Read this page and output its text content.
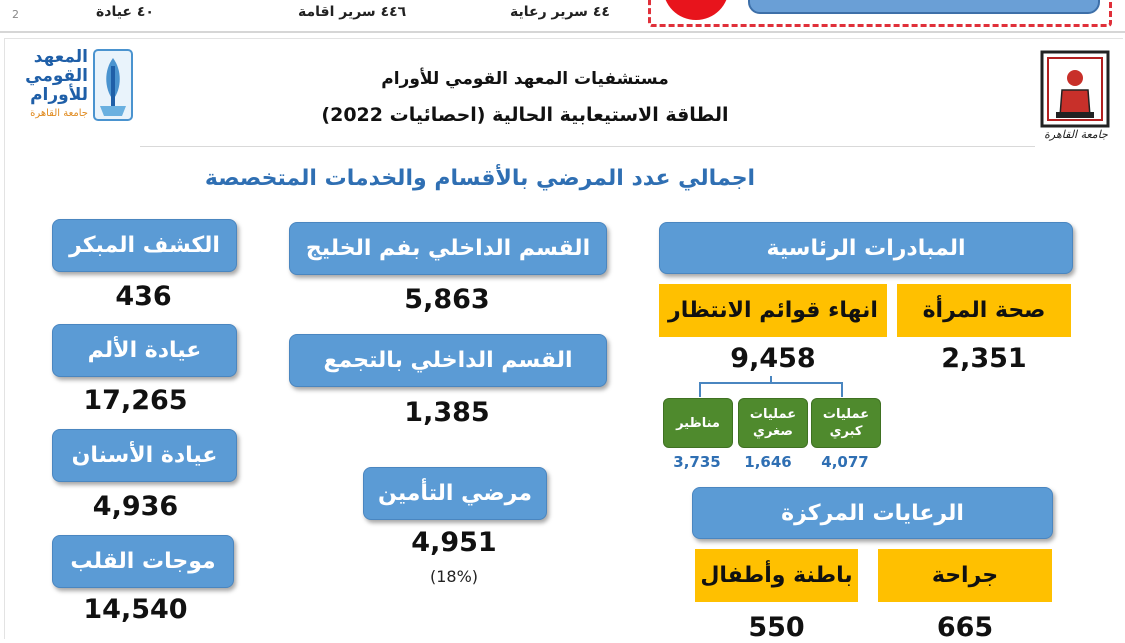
٤٠ عيادة	٤٤٦ سرير اقامة	٤٤ سرير رعاية
2
المعهد
القومي
للأورام
جامعة القاهرة
جامعة القاهرة
مستشفيات المعهد القومي للأورام
الطاقة الاستيعابية الحالية (احصائيات 2022)
اجمالي عدد المرضي بالأقسام والخدمات المتخصصة
الكشف المبكر
436
عيادة الألم
17,265
عيادة الأسنان
4,936
موجات القلب
14,540
القسم الداخلي بفم الخليج
5,863
القسم الداخلي بالتجمع
1,385
مرضي التأمين
4,951
(18%)
المبادرات الرئاسية
صحة المرأة
2,351
انهاء قوائم الانتظار
9,458
عمليات كبري
عمليات صغري
مناظير
4,077
1,646
3,735
الرعايات المركزة
جراحة
665
باطنة وأطفال
550
